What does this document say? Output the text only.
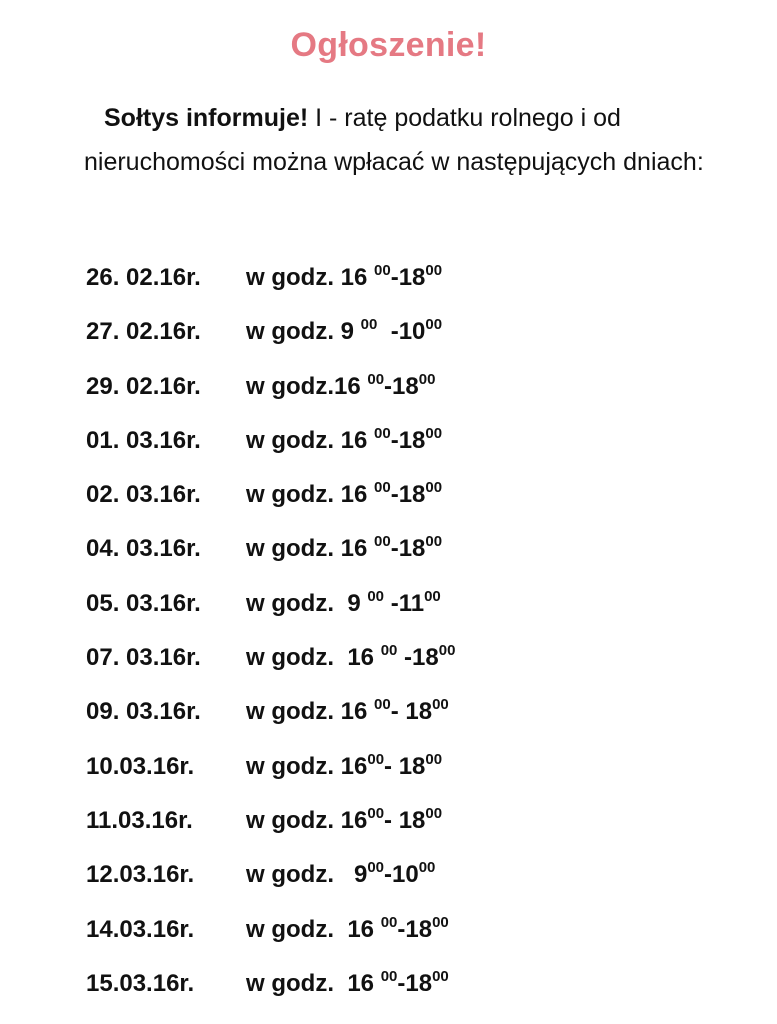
Ogłoszenie!
Sołtys informuje! I - ratę podatku rolnego i od nieruchomości można wpłacać w następujących dniach:
26. 02.16r. w godz. 16 $^{00}-18^{00}$
27. 02.16r. w godz. 9 $^{00}$  $-10^{00}$
29. 02.16r. w godz.16 $^{00}-18^{00}$
01. 03.16r. w godz. 16 $^{00}-18^{00}$
02. 03.16r. w godz. 16 $^{00}-18^{00}$
04. 03.16r. w godz. 16 $^{00}-18^{00}$
05. 03.16r. w godz.  9 $^{00}$ $-11^{00}$
07. 03.16r. w godz.  16 $^{00}$ $-18^{00}$
09. 03.16r. w godz. 16 $^{00}$- $18^{00}$
10.03.16r. w godz. $16^{00}-$ $18^{00}$
11.03.16r. w godz. $16^{00}-$ $18^{00}$
12.03.16r. w godz.   $9^{00}-10^{00}$
14.03.16r. w godz.  16 $^{00}-18^{00}$
15.03.16r. w godz.  16 $^{00}-18^{00}$
